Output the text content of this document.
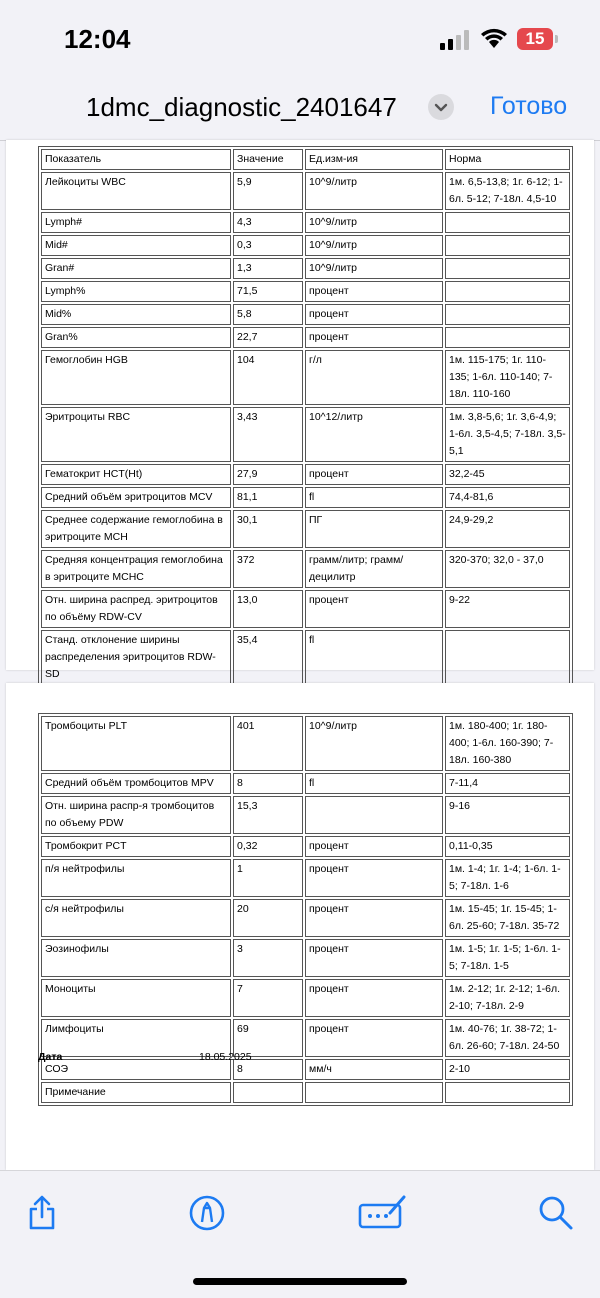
12:04	15
1dmc_diagnostic_2401647	Готово
Показатель	Значение	Ед.изм-ия	Норма
Лейкоциты WBC	5,9	10^9/литр	1м. 6,5-13,8; 1г. 6-12; 1-6л. 5-12; 7-18л. 4,5-10
Lymph#	4,3	10^9/литр	
Mid#	0,3	10^9/литр	
Gran#	1,3	10^9/литр	
Lymph%	71,5	процент	
Mid%	5,8	процент	
Gran%	22,7	процент	
Гемоглобин HGB	104	г/л	1м. 115-175; 1г. 110-135; 1-6л. 110-140; 7-18л. 110-160
Эритроциты RBC	3,43	10^12/литр	1м. 3,8-5,6; 1г. 3,6-4,9; 1-6л. 3,5-4,5; 7-18л. 3,5-5,1
Гематокрит HCT(Ht)	27,9	процент	32,2-45
Средний объём эритроцитов MCV	81,1	fl	74,4-81,6
Среднее содержание гемоглобина в эритроците MCH	30,1	ПГ	24,9-29,2
Средняя концентрация гемоглобина в эритроците MCHC	372	грамм/литр; грамм/децилитр	320-370; 32,0 - 37,0
Отн. ширина распред. эритроцитов по объёму RDW-CV	13,0	процент	9-22
Станд. отклонение ширины распределения эритроцитов RDW-SD	35,4	fl	
Тромбоциты PLT	401	10^9/литр	1м. 180-400; 1г. 180-400; 1-6л. 160-390; 7-18л. 160-380
Средний объём тромбоцитов MPV	8	fl	7-11,4
Отн. ширина распр-я тромбоцитов по объему PDW	15,3		9-16
Тромбокрит PCT	0,32	процент	0,11-0,35
п/я нейтрофилы	1	процент	1м. 1-4; 1г. 1-4; 1-6л. 1-5; 7-18л. 1-6
с/я нейтрофилы	20	процент	1м. 15-45; 1г. 15-45; 1-6л. 25-60; 7-18л. 35-72
Эозинофилы	3	процент	1м. 1-5; 1г. 1-5; 1-6л. 1-5; 7-18л. 1-5
Моноциты	7	процент	1м. 2-12; 1г. 2-12; 1-6л. 2-10; 7-18л. 2-9
Лимфоциты	69	процент	1м. 40-76; 1г. 38-72; 1-6л. 26-60; 7-18л. 24-50
СОЭ	8	мм/ч	2-10
Примечание			
Дата	18.05.2025
